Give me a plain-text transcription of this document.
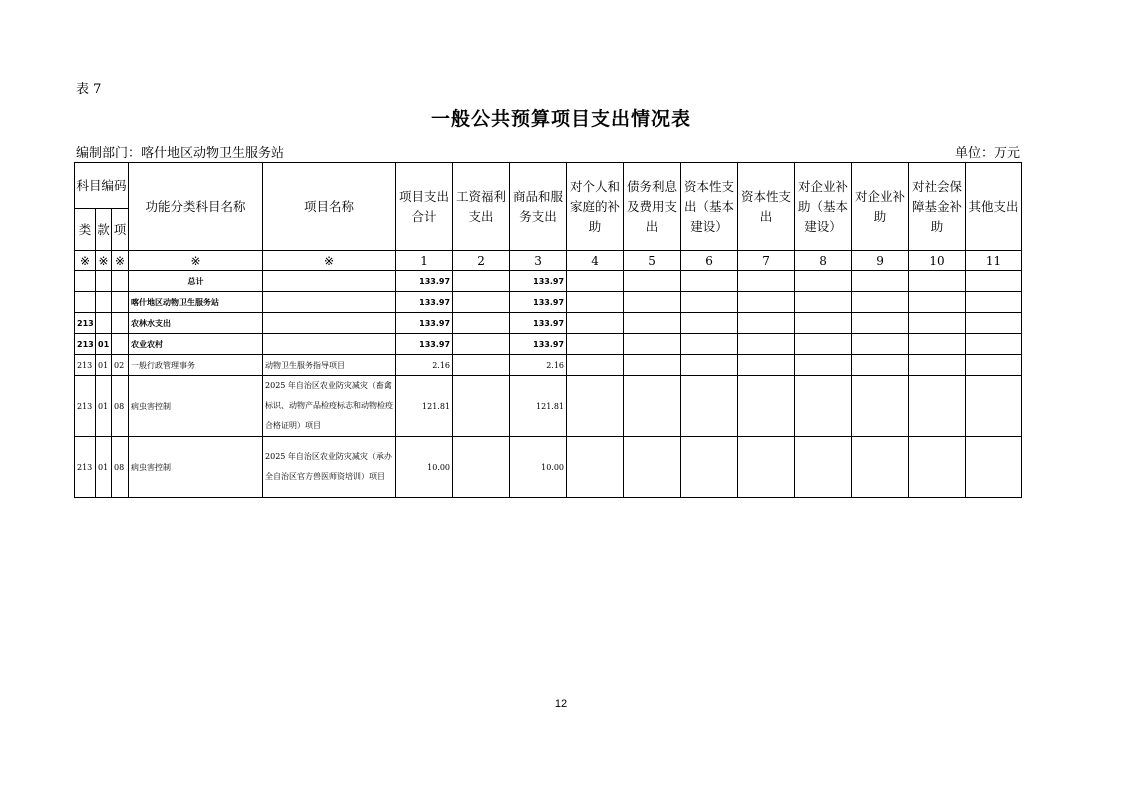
表 7
一般公共预算项目支出情况表
编制部门：喀什地区动物卫生服务站	单位：万元
科目编码			功能分类科目名称	项目名称	项目支出合计	工资福利支出	商品和服务支出	对个人和家庭的补助	债务利息及费用支出	资本性支出（基本建设）	资本性支出	对企业补助（基本建设）	对企业补助	对社会保障基金补助	其他支出
类	款	项													
※	※	※	※	※	1	2	3	4	5	6	7	8	9	10	11
			总计		133.97		133.97								
			喀什地区动物卫生服务站		133.97		133.97								
213			农林水支出		133.97		133.97								
213	01		农业农村		133.97		133.97								
213	01	02	一般行政管理事务	动物卫生服务指导项目	2.16		2.16								
213	01	08	病虫害控制	2025 年自治区农业防灾减灾（畜禽标识、动物产品检疫标志和动物检疫合格证明）项目	121.81		121.81								
213	01	08	病虫害控制	2025 年自治区农业防灾减灾（承办全自治区官方兽医师资培训）项目	10.00		10.00								
12
